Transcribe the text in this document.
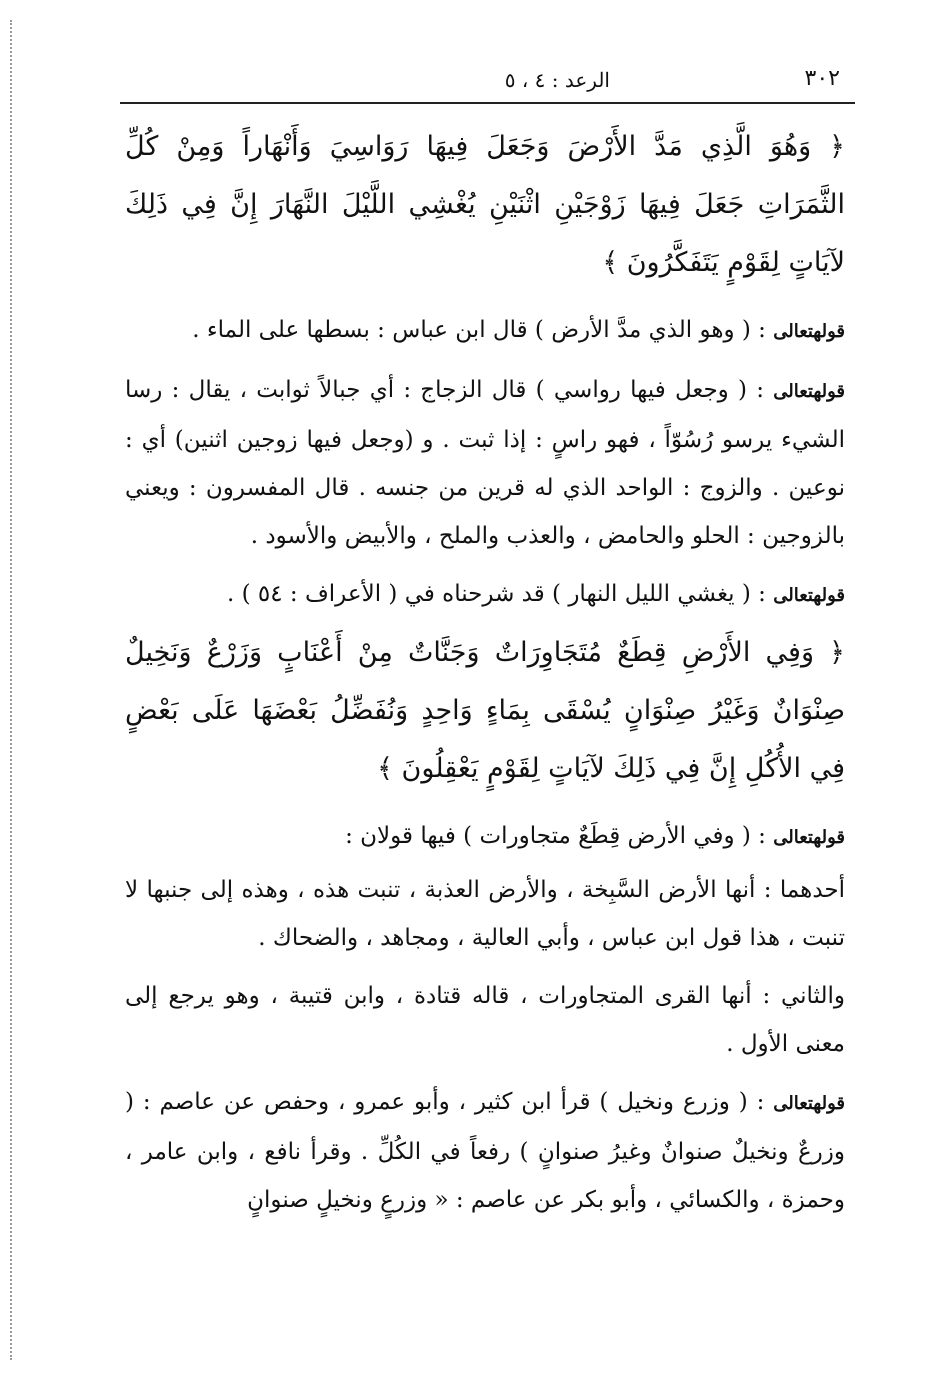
٣٠٢
الرعد : ٤ ، ٥

﴿ وَهُوَ الَّذِي مَدَّ الأَرْضَ وَجَعَلَ فِيهَا رَوَاسِيَ وَأَنْهَاراً وَمِنْ كُلِّ الثَّمَرَاتِ جَعَلَ فِيهَا زَوْجَيْنِ اثْنَيْنِ يُغْشِي اللَّيْلَ النَّهَارَ إِنَّ فِي ذَلِكَ لآيَاتٍ لِقَوْمٍ يَتَفَكَّرُونَ ﴾

قولهتعالى : ( وهو الذي مدَّ الأرض ) قال ابن عباس : بسطها على الماء .

قولهتعالى : ( وجعل فيها رواسي ) قال الزجاج : أي جبالاً ثوابت ، يقال : رسا الشيء يرسو رُسُوّاً ، فهو راسٍ : إذا ثبت . و (وجعل فيها زوجين اثنين) أي : نوعين . والزوج : الواحد الذي له قرين من جنسه . قال المفسرون : ويعني بالزوجين : الحلو والحامض ، والعذب والملح ، والأبيض والأسود .

قولهتعالى : ( يغشي الليل النهار ) قد شرحناه في ( الأعراف : ٥٤ ) .

﴿ وَفِي الأَرْضِ قِطَعٌ مُتَجَاوِرَاتٌ وَجَنَّاتٌ مِنْ أَعْنَابٍ وَزَرْعٌ وَنَخِيلٌ صِنْوَانٌ وَغَيْرُ صِنْوَانٍ يُسْقَى بِمَاءٍ وَاحِدٍ وَنُفَضِّلُ بَعْضَهَا عَلَى بَعْضٍ فِي الأُكُلِ إِنَّ فِي ذَلِكَ لآيَاتٍ لِقَوْمٍ يَعْقِلُونَ ﴾

قولهتعالى : ( وفي الأرض قِطَعٌ متجاورات ) فيها قولان :

أحدهما : أنها الأرض السَّبِخة ، والأرض العذبة ، تنبت هذه ، وهذه إلى جنبها لا تنبت ، هذا قول ابن عباس ، وأبي العالية ، ومجاهد ، والضحاك .

والثاني : أنها القرى المتجاورات ، قاله قتادة ، وابن قتيبة ، وهو يرجع إلى معنى الأول .

قولهتعالى : ( وزرع ونخيل ) قرأ ابن كثير ، وأبو عمرو ، وحفص عن عاصم : ( وزرعٌ ونخيلٌ صنوانٌ وغيرُ صنوانٍ ) رفعاً في الكُلِّ . وقرأ نافع ، وابن عامر ، وحمزة ، والكسائي ، وأبو بكر عن عاصم : « وزرعٍ ونخيلٍ صنوانٍ
